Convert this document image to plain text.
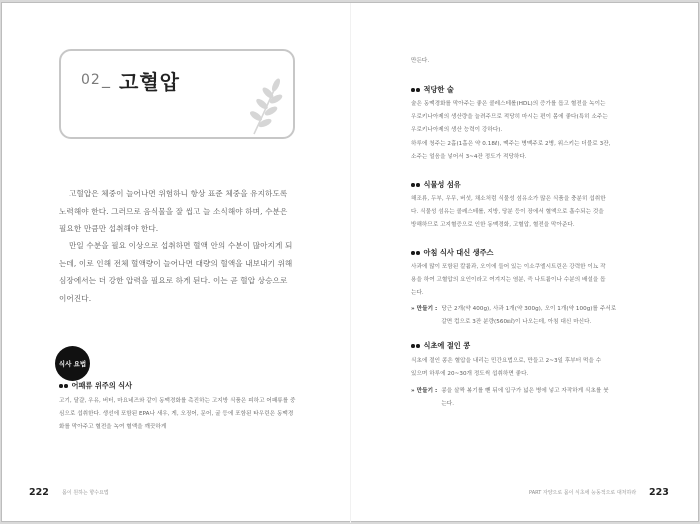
02 _ 고혈압

고혈압은 체중이 늘어나면 위험하니 항상 표준 체중을 유지하도록 노력해야 한다. 그러므로 음식물을 잘 씹고 늘 소식해야 하며, 수분은 필요한 만큼만 섭취해야 한다.

만일 수분을 필요 이상으로 섭취하면 혈액 안의 수분이 많아지게 되는데, 이로 인해 전체 혈액량이 늘어나면 대량의 혈액을 내보내기 위해 심장에서는 더 강한 압력을 필요로 하게 된다. 이는 곧 혈압 상승으로 이어진다.

식사 요법
어패류 위주의 식사

고기, 달걀, 우유, 버터, 마요네즈와 같이 동맥경화를 촉진하는 고지방 식품은 피하고 어패류를 중심으로 섭취한다. 생선에 포함된 EPA나 새우, 게, 오징어, 문어, 굴 등에 포함된 타우린은 동맥경화를 막아주고 혈전을 녹여 혈액을 깨끗하게

222	몸이 원하는 향수요법

만든다.

적당한 술
술은 동맥경화를 막아주는 좋은 콜레스테롤(HDL)의 증가를 돕고 혈전을 녹이는
우로키나아제의 생산량을 늘려주므로 적당히 마시는 편이 몸에 좋다(특히 소주는
우로키나아제의 생산 능력이 강하다).
하루에 청주는 2홉(1홉은 약 0.18ℓ), 맥주는 병맥주로 2병, 위스키는 더블로 3잔,
소주는 얼음을 넣어서 3~4잔 정도가 적당하다.
식물성 섬유
해조류, 두부, 우무, 버섯, 채소처럼 식물성 섬유소가 많은 식품을 충분히 섭취한
다. 식물성 섬유는 콜레스테롤, 지방, 당분 등이 장에서 혈액으로 흡수되는 것을
방해하므로 고지혈증으로 인한 동맥경화, 고혈압, 혈전을 막아준다.
아침 식사 대신 생주스
사과에 많이 포함된 칼륨과, 오이에 들어 있는 이소쿠엘시트린은 강력한 이뇨 작
용을 하여 고혈압의 요인이라고 여겨지는 염분, 즉 나트륨이나 수분의 배설을 돕
는다.
» 만들기 : 당근 2개(약 400g), 사과 1개(약 300g), 오이 1개(약 100g)를 주서로
갈면 컵으로 3잔 분량(560㎖)이 나오는데, 아침 대신 마신다.
식초에 절인 콩
식초에 절인 콩은 혈압을 내리는 민간요법으로, 만들고 2~3일 후부터 먹을 수
있으며 하루에 20~30개 정도씩 섭취하면 좋다.
» 만들기 : 콩을 살짝 볶기를 뺀 뒤에 입구가 넓은 병에 넣고 자작하게 식초를 붓
는다.
PART 자양으로 몸이 식초에 능동적으로 대처하라 223
